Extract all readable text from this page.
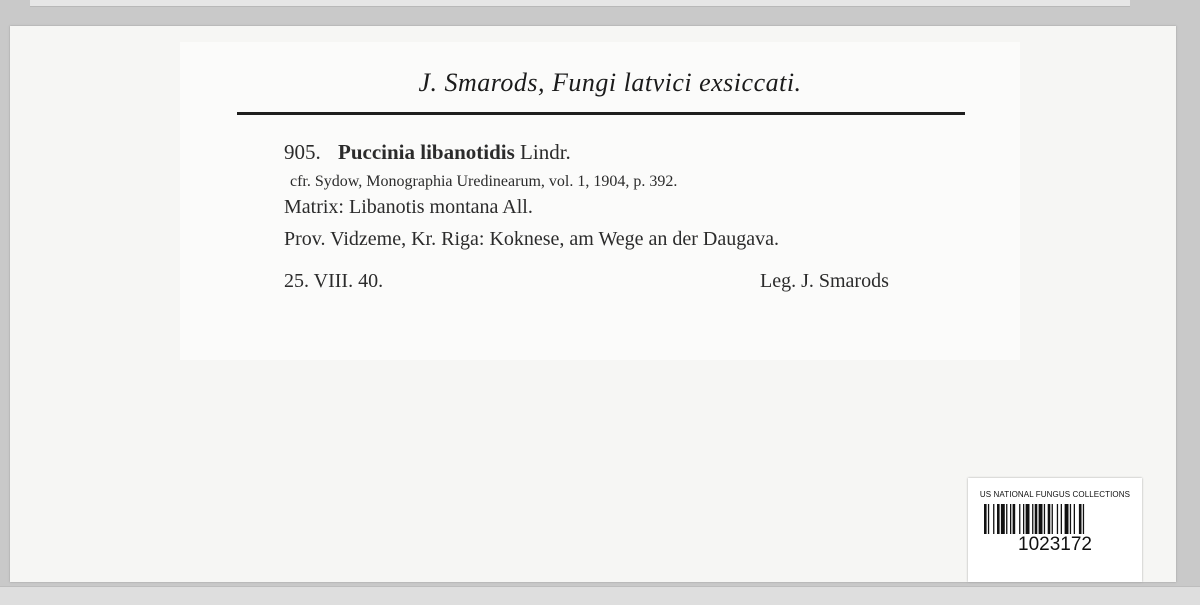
J. Smarods, Fungi latvici exsiccati.

905. Puccinia libanotidis Lindr.

cfr. Sydow, Monographia Uredinearum, vol. 1, 1904, p. 392.

Matrix: Libanotis montana All.

Prov. Vidzeme, Kr. Riga: Koknese, am Wege an der Daugava.

25. VIII. 40.	Leg. J. Smarods

US NATIONAL FUNGUS COLLECTIONS

1023172
